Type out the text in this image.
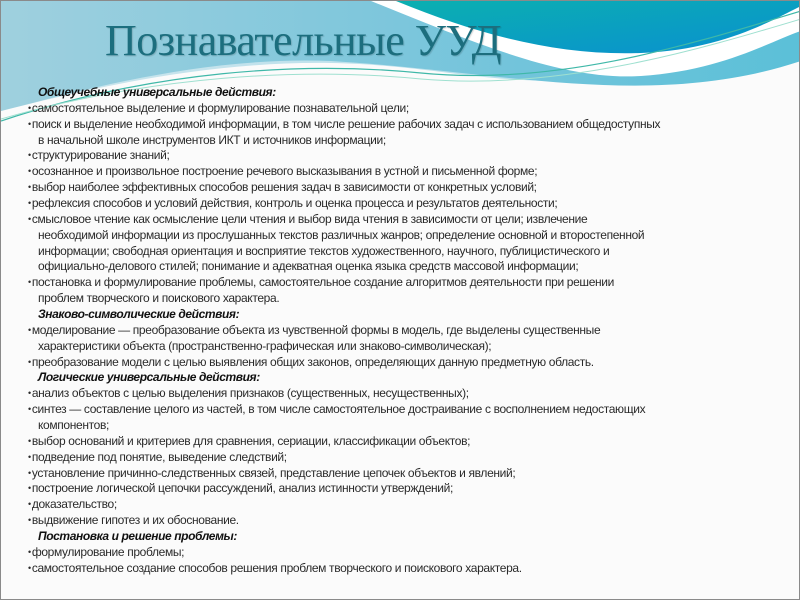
Познавательные УУД
Общеучебные универсальные действия:
• самостоятельное выделение и формулирование познавательной цели;
• поиск и выделение необходимой информации, в том числе решение рабочих задач с использованием общедоступных
в начальной школе инструментов ИКТ и источников информации;
• структурирование знаний;
• осознанное и произвольное построение речевого высказывания в устной и письменной форме;
• выбор наиболее эффективных способов решения задач в зависимости от конкретных условий;
• рефлексия способов и условий действия, контроль и оценка процесса и результатов деятельности;
• смысловое чтение как осмысление цели чтения и выбор вида чтения в зависимости от цели; извлечение
необходимой информации из прослушанных текстов различных жанров; определение основной и второстепенной
информации; свободная ориентация и восприятие текстов художественного, научного, публицистического и
официально-делового стилей; понимание и адекватная оценка языка средств массовой информации;
• постановка и формулирование проблемы, самостоятельное создание алгоритмов деятельности при решении
проблем творческого и поискового характера.
Знаково-символические действия:
• моделирование — преобразование объекта из чувственной формы в модель, где выделены существенные
характеристики объекта (пространственно-графическая или знаково-символическая);
• преобразование модели с целью выявления общих законов, определяющих данную предметную область.
Логические универсальные действия:
• анализ объектов с целью выделения признаков (существенных, несущественных);
• синтез — составление целого из частей, в том числе самостоятельное достраивание с восполнением недостающих
компонентов;
• выбор оснований и критериев для сравнения, сериации, классификации объектов;
• подведение под понятие, выведение следствий;
• установление причинно-следственных связей, представление цепочек объектов и явлений;
• построение логической цепочки рассуждений, анализ истинности утверждений;
• доказательство;
• выдвижение гипотез и их обоснование.
Постановка и решение проблемы:
• формулирование проблемы;
• самостоятельное создание способов решения проблем творческого и поискового характера.
